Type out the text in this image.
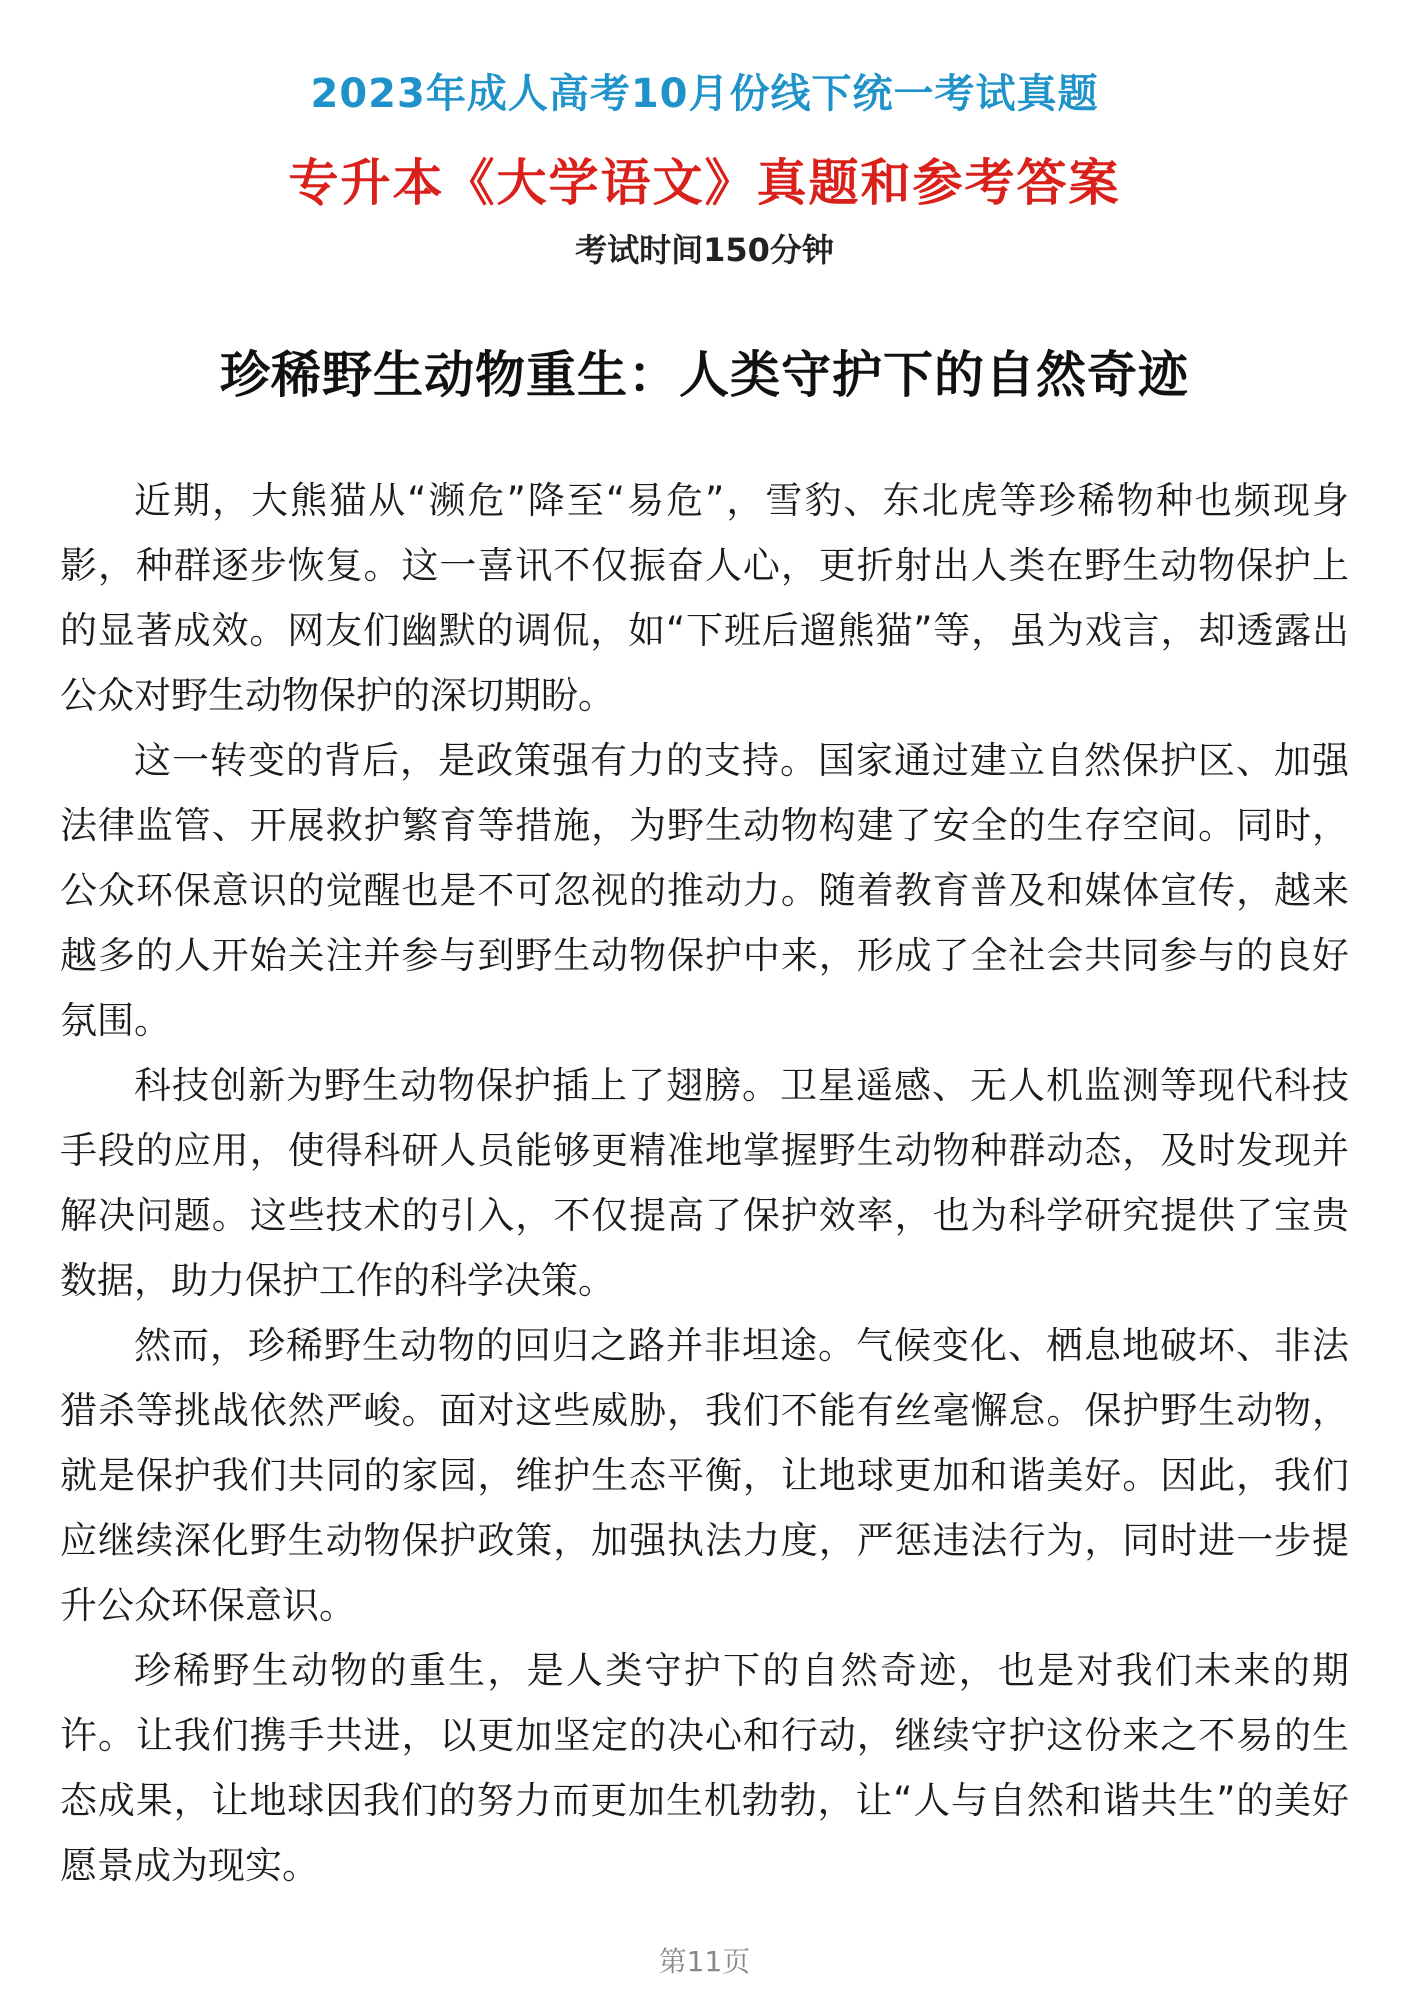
2023年成人高考10月份线下统一考试真题
专升本《大学语文》真题和参考答案
考试时间150分钟
珍稀野生动物重生：人类守护下的自然奇迹

近期，大熊猫从“濒危”降至“易危”，雪豹、东北虎等珍稀物种也频现身影，种群逐步恢复。这一喜讯不仅振奋人心，更折射出人类在野生动物保护上的显著成效。网友们幽默的调侃，如“下班后遛熊猫”等，虽为戏言，却透露出公众对野生动物保护的深切期盼。

这一转变的背后，是政策强有力的支持。国家通过建立自然保护区、加强法律监管、开展救护繁育等措施，为野生动物构建了安全的生存空间。同时，公众环保意识的觉醒也是不可忽视的推动力。随着教育普及和媒体宣传，越来越多的人开始关注并参与到野生动物保护中来，形成了全社会共同参与的良好氛围。

科技创新为野生动物保护插上了翅膀。卫星遥感、无人机监测等现代科技手段的应用，使得科研人员能够更精准地掌握野生动物种群动态，及时发现并解决问题。这些技术的引入，不仅提高了保护效率，也为科学研究提供了宝贵数据，助力保护工作的科学决策。

然而，珍稀野生动物的回归之路并非坦途。气候变化、栖息地破坏、非法猎杀等挑战依然严峻。面对这些威胁，我们不能有丝毫懈怠。保护野生动物，就是保护我们共同的家园，维护生态平衡，让地球更加和谐美好。因此，我们应继续深化野生动物保护政策，加强执法力度，严惩违法行为，同时进一步提升公众环保意识。

珍稀野生动物的重生，是人类守护下的自然奇迹，也是对我们未来的期许。让我们携手共进，以更加坚定的决心和行动，继续守护这份来之不易的生态成果，让地球因我们的努力而更加生机勃勃，让“人与自然和谐共生”的美好愿景成为现实。

第11页
